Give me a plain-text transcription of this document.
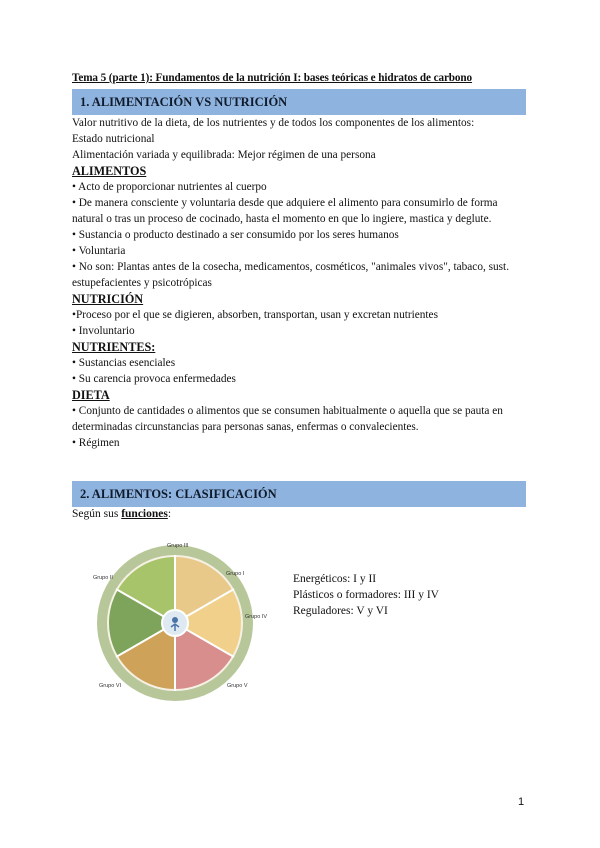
Tema 5 (parte 1): Fundamentos de la nutrición I: bases teóricas e hidratos de carbono
1. ALIMENTACIÓN VS NUTRICIÓN

Valor nutritivo de la dieta, de los nutrientes y de todos los componentes de los alimentos:

Estado nutricional

Alimentación variada y equilibrada: Mejor régimen de una persona

ALIMENTOS

• Acto de proporcionar nutrientes al cuerpo

• De manera consciente y voluntaria desde que adquiere el alimento para consumirlo de forma natural o tras un proceso de cocinado, hasta el momento en que lo ingiere, mastica y deglute.

• Sustancia o producto destinado a ser consumido por los seres humanos

• Voluntaria

• No son: Plantas antes de la cosecha, medicamentos, cosméticos, "animales vivos", tabaco, sust. estupefacientes y psicotrópicas

NUTRICIÓN

•Proceso por el que se digieren, absorben, transportan, usan y excretan nutrientes

• Involuntario

NUTRIENTES:

• Sustancias esenciales

• Su carencia provoca enfermedades

DIETA

• Conjunto de cantidades o alimentos que se consumen habitualmente o aquella que se pauta en determinadas circunstancias para personas sanas, enfermas o convalecientes.

• Régimen

2. ALIMENTOS: CLASIFICACIÓN
Según sus funciones:
Grupo III
Grupo II
Grupo IV
Grupo I
Grupo V
Grupo VI
Energéticos: I y II
Plásticos o formadores: III y IV
Reguladores: V y VI
1
